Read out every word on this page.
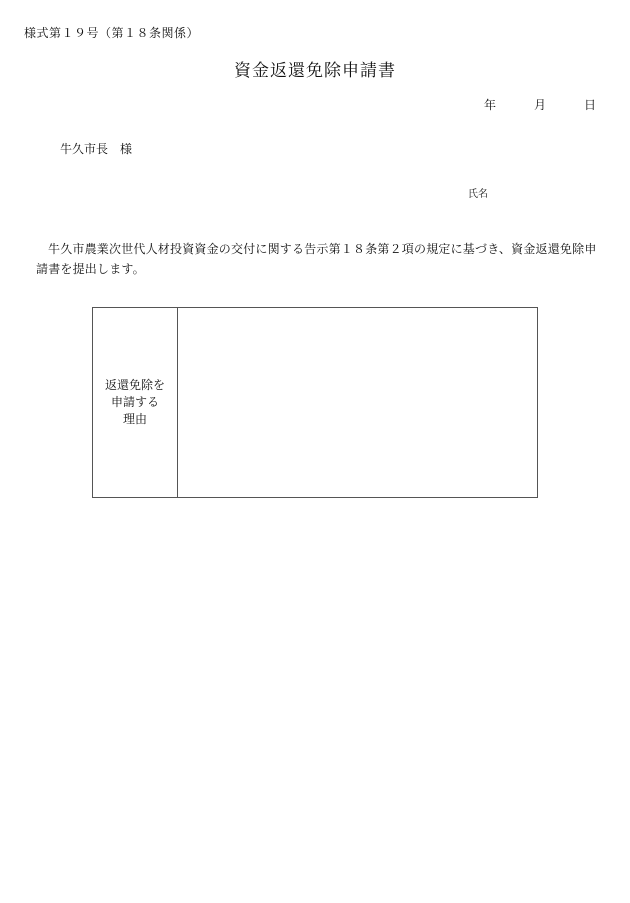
様式第１９号（第１８条関係）
資金返還免除申請書
年	月	日
牛久市長　様
氏名
牛久市農業次世代人材投資資金の交付に関する告示第１８条第２項の規定に基づき、資金返還免除申請書を提出します。
返還免除を
申請する
理由
